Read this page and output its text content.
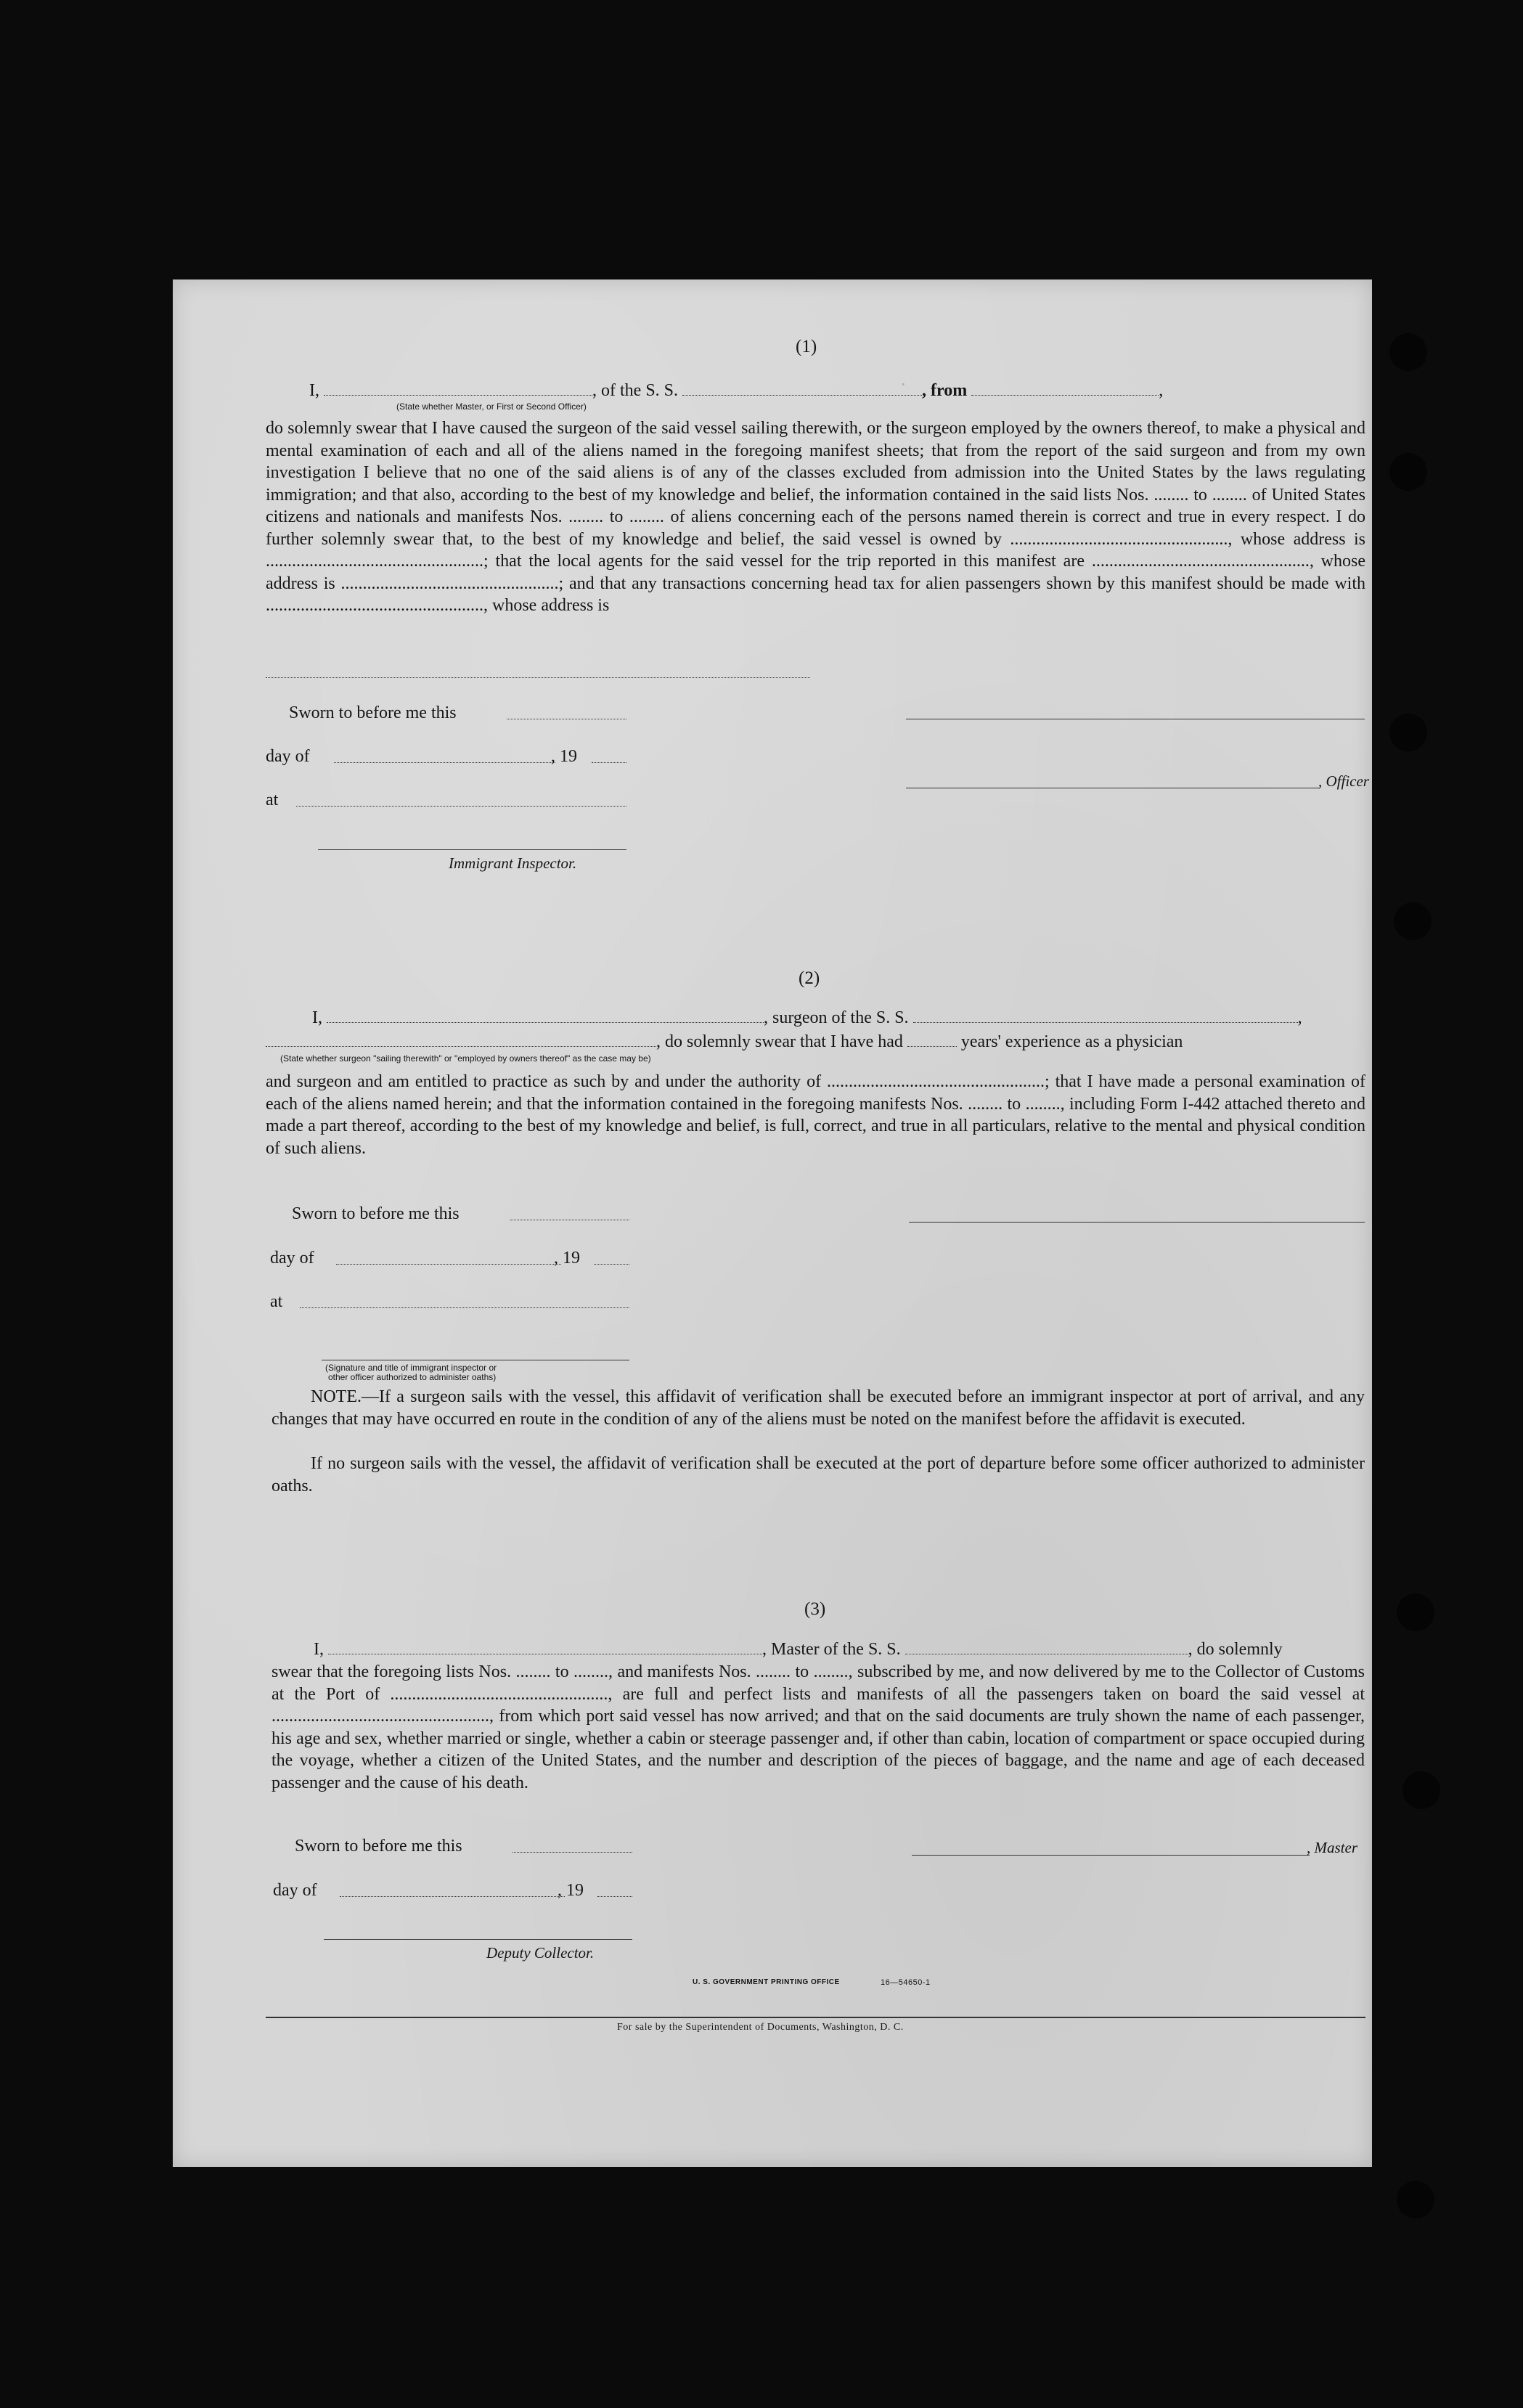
.
(1)
I,	, of the S. S.	, from	,
(State whether Master, or First or Second Officer)
do solemnly swear that I have caused the surgeon of the said vessel sailing therewith, or the surgeon employed by the owners thereof, to make a physical and mental examination of each and all of the aliens named in the foregoing manifest sheets; that from the report of the said surgeon and from my own investigation I believe that no one of the said aliens is of any of the classes excluded from admission into the United States by the laws regulating immigration; and that also, according to the best of my knowledge and belief, the information contained in the said lists Nos. ........ to ........ of United States citizens and nationals and manifests Nos. ........ to ........ of aliens concerning each of the persons named therein is correct and true in every respect. I do further solemnly swear that, to the best of my knowledge and belief, the said vessel is owned by .................................................., whose address is ..................................................; that the local agents for the said vessel for the trip reported in this manifest are .................................................., whose address is ..................................................; and that any transactions concerning head tax for alien passengers shown by this manifest should be made with .................................................., whose address is
Sworn to before me this
day of	, 19
, Officer
at
Immigrant Inspector.
(2)
I,	, surgeon of the S. S.	,
, do solemnly swear that I have had	years' experience as a physician
(State whether surgeon "sailing therewith" or "employed by owners thereof" as the case may be)
and surgeon and am entitled to practice as such by and under the authority of ..................................................; that I have made a personal examination of each of the aliens named herein; and that the information contained in the foregoing manifests Nos. ........ to ........, including Form I-442 attached thereto and made a part thereof, according to the best of my knowledge and belief, is full, correct, and true in all particulars, relative to the mental and physical condition of such aliens.
Sworn to before me this
day of	, 19
at
(Signature and title of immigrant inspector or
other officer authorized to administer oaths)
NOTE.—If a surgeon sails with the vessel, this affidavit of verification shall be executed before an immigrant inspector at port of arrival, and any changes that may have occurred en route in the condition of any of the aliens must be noted on the manifest before the affidavit is executed.
If no surgeon sails with the vessel, the affidavit of verification shall be executed at the port of departure before some officer authorized to administer oaths.
(3)
I,	, Master of the S. S.	, do solemnly
swear that the foregoing lists Nos. ........ to ........, and manifests Nos. ........ to ........, subscribed by me, and now delivered by me to the Collector of Customs at the Port of .................................................., are full and perfect lists and manifests of all the passengers taken on board the said vessel at .................................................., from which port said vessel has now arrived; and that on the said documents are truly shown the name of each passenger, his age and sex, whether married or single, whether a cabin or steerage passenger and, if other than cabin, location of compartment or space occupied during the voyage, whether a citizen of the United States, and the number and description of the pieces of baggage, and the name and age of each deceased passenger and the cause of his death.
Sworn to before me this	, Master
day of	, 19
Deputy Collector.
U. S. GOVERNMENT PRINTING OFFICE	16—54650-1
For sale by the Superintendent of Documents, Washington, D. C.
